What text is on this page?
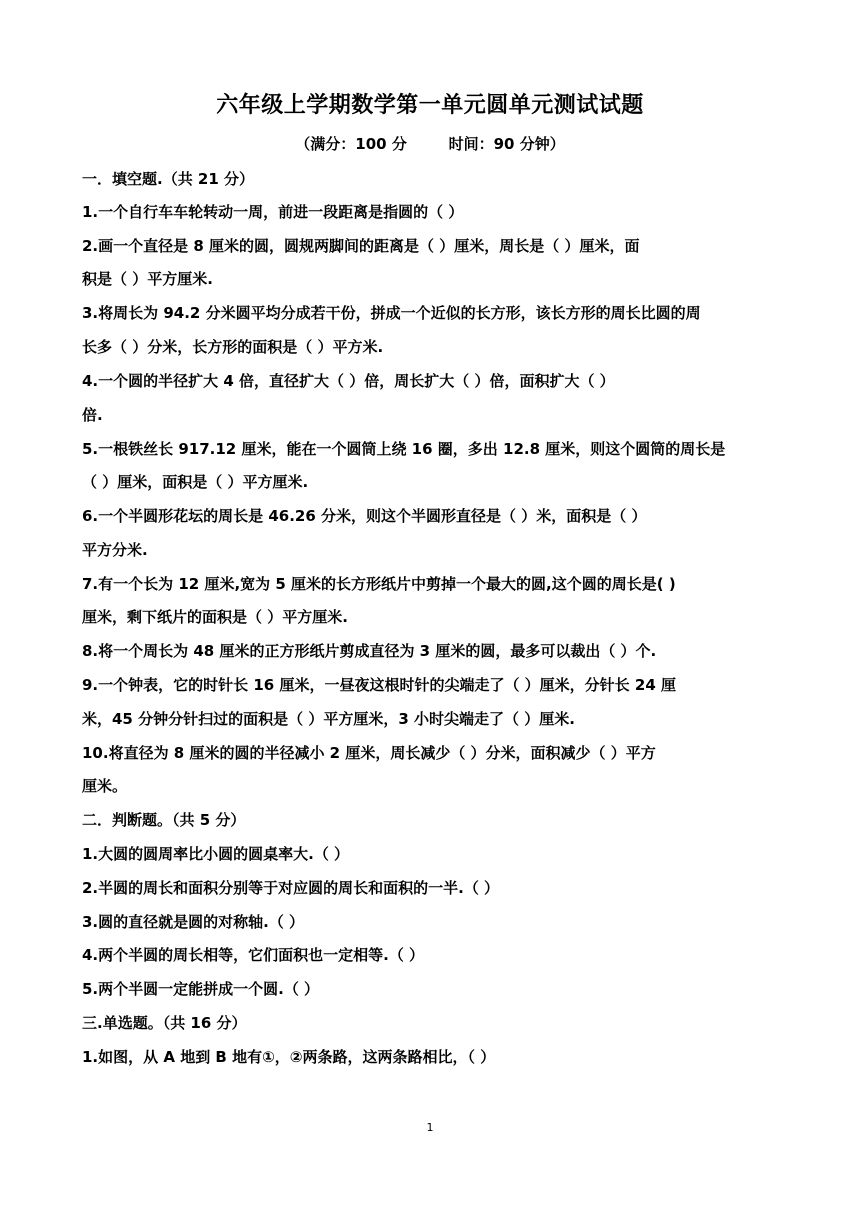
六年级上学期数学第一单元圆单元测试试题
（满分：100 分        时间：90 分钟）
一．填空题.（共 21 分）
1.一个自行车车轮转动一周，前进一段距离是指圆的（ ）
2.画一个直径是 8 厘米的圆，圆规两脚间的距离是（ ）厘米，周长是（ ）厘米，面
积是（ ）平方厘米.
3.将周长为 94.2 分米圆平均分成若干份，拼成一个近似的长方形，该长方形的周长比圆的周
长多（ ）分米，长方形的面积是（ ）平方米.
4.一个圆的半径扩大 4 倍，直径扩大（ ）倍，周长扩大（ ）倍，面积扩大（ ）
倍.
5.一根铁丝长 917.12 厘米，能在一个圆筒上绕 16 圈，多出 12.8 厘米，则这个圆筒的周长是
（ ）厘米，面积是（ ）平方厘米.
6.一个半圆形花坛的周长是 46.26 分米，则这个半圆形直径是（ ）米，面积是（ ）
平方分米.
7.有一个长为 12 厘米,宽为 5 厘米的长方形纸片中剪掉一个最大的圆,这个圆的周长是( )
厘米，剩下纸片的面积是（ ）平方厘米.
8.将一个周长为 48 厘米的正方形纸片剪成直径为 3 厘米的圆，最多可以裁出（ ）个.
9.一个钟表，它的时针长 16 厘米，一昼夜这根时针的尖端走了（ ）厘米，分针长 24 厘
米，45 分钟分针扫过的面积是（ ）平方厘米，3 小时尖端走了（ ）厘米.
10.将直径为 8 厘米的圆的半径减小 2 厘米，周长减少（ ）分米，面积减少（ ）平方
厘米。
二．判断题。（共 5 分）
1.大圆的圆周率比小圆的圆桌率大.（ ）
2.半圆的周长和面积分别等于对应圆的周长和面积的一半.（ ）
3.圆的直径就是圆的对称轴.（ ）
4.两个半圆的周长相等，它们面积也一定相等.（ ）
5.两个半圆一定能拼成一个圆.（ ）
三.单选题。（共 16 分）
1.如图，从 A 地到 B 地有①，②两条路，这两条路相比，（ ）
1
